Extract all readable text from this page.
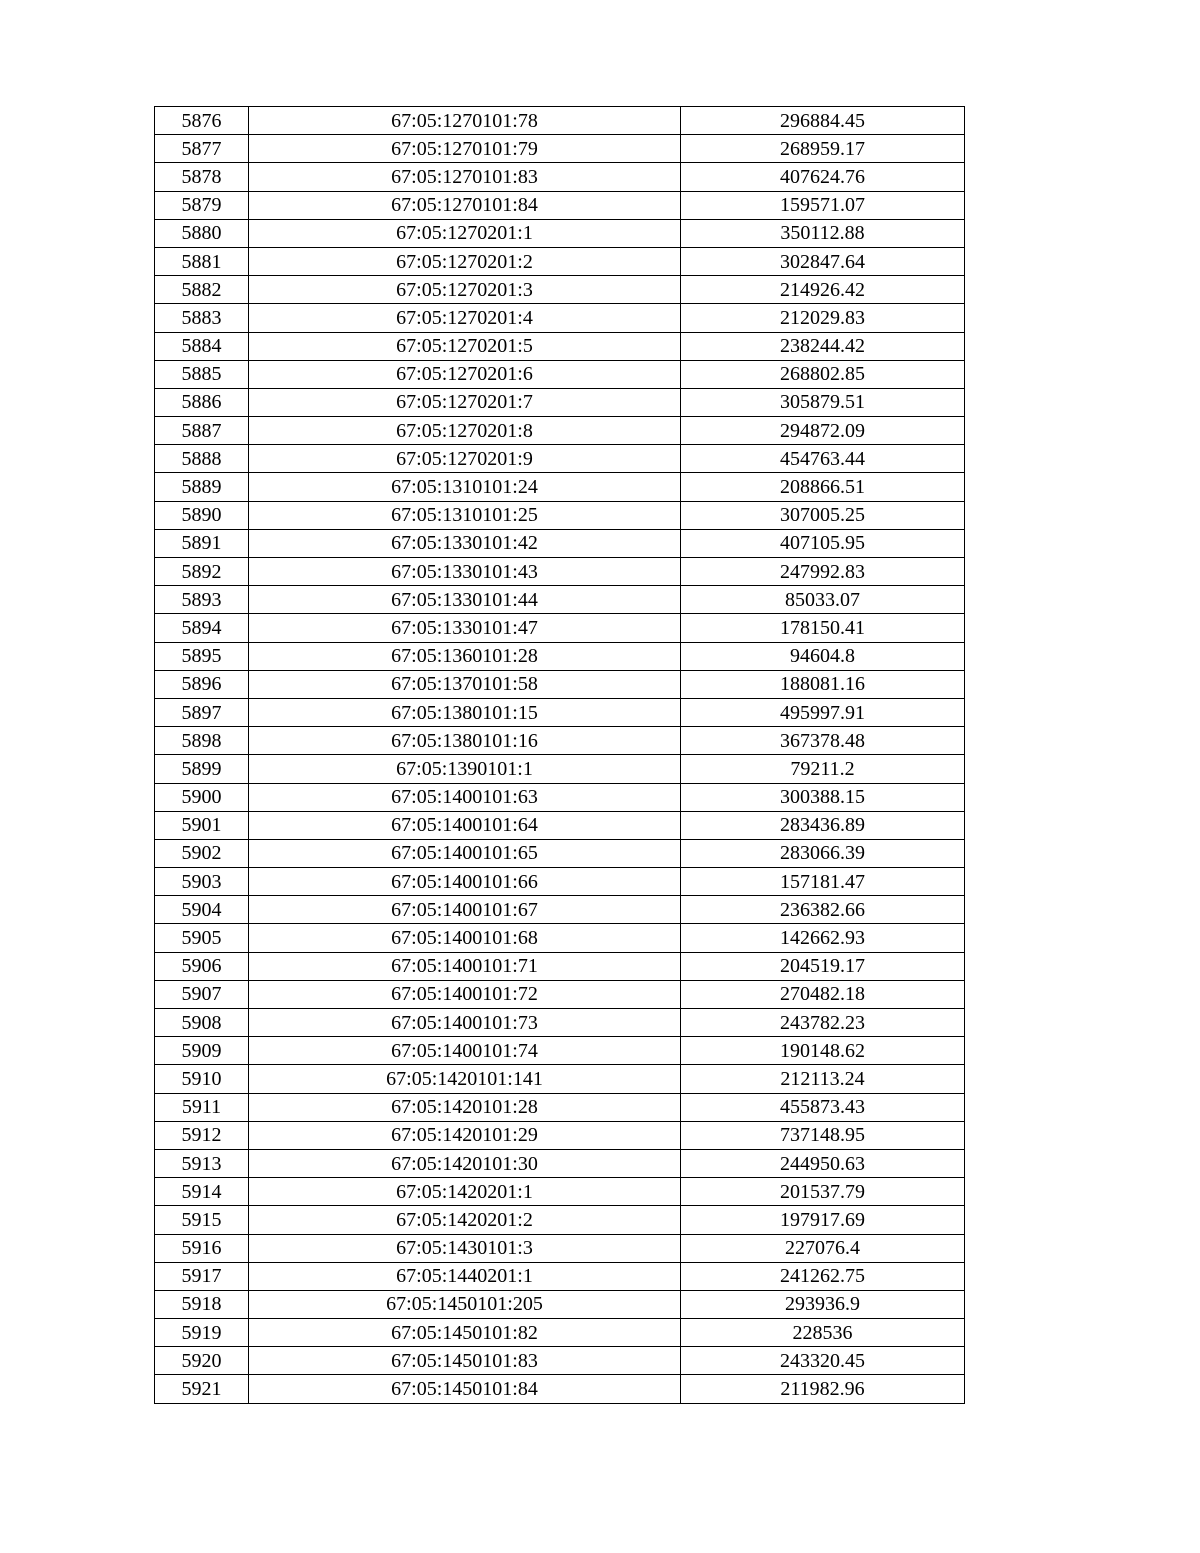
5876	67:05:1270101:78	296884.45
5877	67:05:1270101:79	268959.17
5878	67:05:1270101:83	407624.76
5879	67:05:1270101:84	159571.07
5880	67:05:1270201:1	350112.88
5881	67:05:1270201:2	302847.64
5882	67:05:1270201:3	214926.42
5883	67:05:1270201:4	212029.83
5884	67:05:1270201:5	238244.42
5885	67:05:1270201:6	268802.85
5886	67:05:1270201:7	305879.51
5887	67:05:1270201:8	294872.09
5888	67:05:1270201:9	454763.44
5889	67:05:1310101:24	208866.51
5890	67:05:1310101:25	307005.25
5891	67:05:1330101:42	407105.95
5892	67:05:1330101:43	247992.83
5893	67:05:1330101:44	85033.07
5894	67:05:1330101:47	178150.41
5895	67:05:1360101:28	94604.8
5896	67:05:1370101:58	188081.16
5897	67:05:1380101:15	495997.91
5898	67:05:1380101:16	367378.48
5899	67:05:1390101:1	79211.2
5900	67:05:1400101:63	300388.15
5901	67:05:1400101:64	283436.89
5902	67:05:1400101:65	283066.39
5903	67:05:1400101:66	157181.47
5904	67:05:1400101:67	236382.66
5905	67:05:1400101:68	142662.93
5906	67:05:1400101:71	204519.17
5907	67:05:1400101:72	270482.18
5908	67:05:1400101:73	243782.23
5909	67:05:1400101:74	190148.62
5910	67:05:1420101:141	212113.24
5911	67:05:1420101:28	455873.43
5912	67:05:1420101:29	737148.95
5913	67:05:1420101:30	244950.63
5914	67:05:1420201:1	201537.79
5915	67:05:1420201:2	197917.69
5916	67:05:1430101:3	227076.4
5917	67:05:1440201:1	241262.75
5918	67:05:1450101:205	293936.9
5919	67:05:1450101:82	228536
5920	67:05:1450101:83	243320.45
5921	67:05:1450101:84	211982.96
